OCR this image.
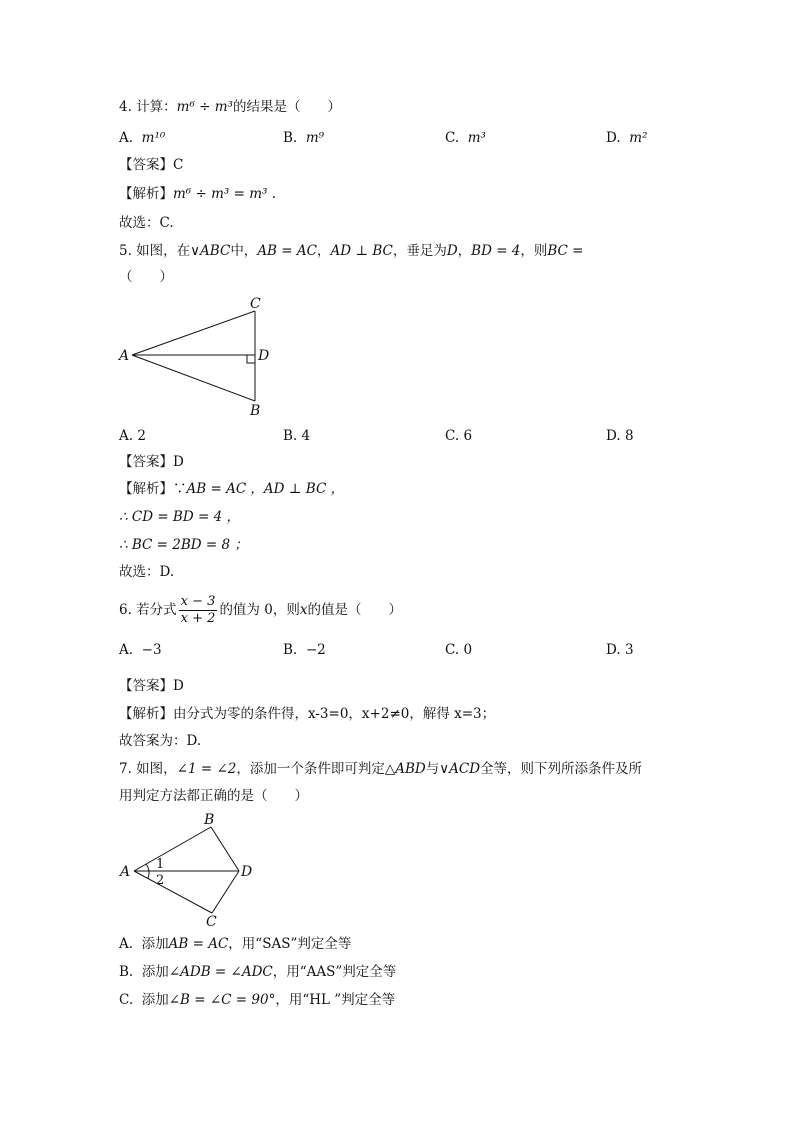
4. 计算：m⁶ ÷ m³的结果是（　　）
A. m¹⁰	B. m⁹	C. m³	D. m²
【答案】C
【解析】m⁶ ÷ m³ = m³ .
故选：C.
5. 如图，在∨ABC中，AB = AC，AD ⊥ BC，垂足为D，BD = 4，则BC =
（　　）
A
C
D
B
A. 2	B. 4	C. 6	D. 8
【答案】D
【解析】∵AB = AC ，AD ⊥ BC ，
∴ CD = BD = 4 ，
∴ BC = 2BD = 8 ；
故选：D.
6. 若分式 $\frac{x - 3}{x + 2}$ 的值为 0，则x的值是（　　）
A. −3	B. −2	C. 0	D. 3
【答案】D
【解析】由分式为零的条件得，x-3=0，x+2≠0，解得 x=3；
故答案为：D.
7. 如图，∠1 = ∠2，添加一个条件即可判定△ABD与∨ACD全等，则下列所添条件及所
用判定方法都正确的是（　　）
A
B
D
C
1
2
A. 添加AB = AC，用“SAS”判定全等
B. 添加∠ADB = ∠ADC，用“AAS”判定全等
C. 添加∠B = ∠C = 90°，用“HL ”判定全等
